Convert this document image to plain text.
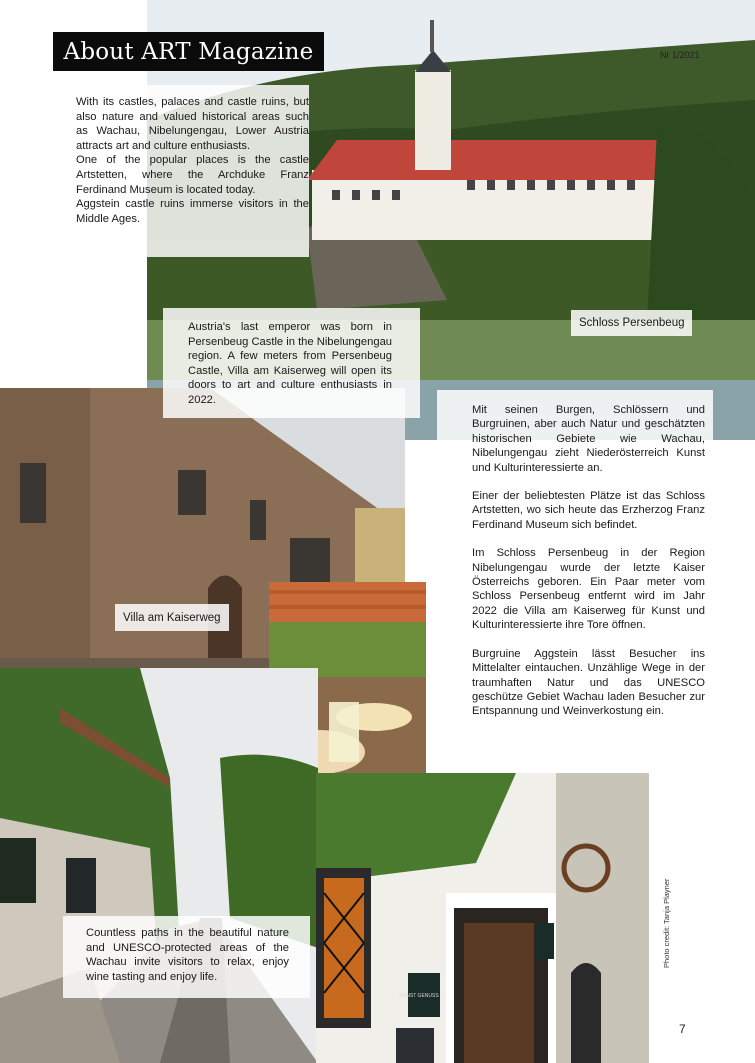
About ART Magazine	Nr 1/2021

With its castles, palaces and castle ruins, but also nature and valued historical areas such as Wachau, Nibelungengau, Lower Austria attracts art and culture enthusiasts.

One of the popular places is the castle Artstetten, where the Archduke Franz Ferdinand Museum is located today.

Aggstein castle ruins immerse visitors in the Middle Ages.

Austria's last emperor was born in Persenbeug Castle in the Nibelungengau region. A few meters from Persenbeug Castle, Villa am Kaiserweg will open its doors to art and culture enthusiasts in 2022.

Schloss Persenbeug
Villa am Kaiserweg

Mit seinen Burgen, Schlössern und Burgruinen, aber auch Natur und geschätzten historischen Gebiete wie Wachau, Nibelungengau zieht Niederösterreich Kunst und Kulturinteressierte an.

Einer der beliebtesten Plätze ist das Schloss Artstetten, wo sich heute das Erzherzog Franz Ferdinand Museum sich befindet.

Im Schloss Persenbeug in der Region Nibelungengau wurde der letzte Kaiser Österreichs geboren. Ein Paar meter vom Schloss Persenbeug entfernt wird im Jahr 2022 die Villa am Kaiserweg für Kunst und Kulturinteressierte ihre Tore öffnen.

Burgruine Aggstein lässt Besucher ins Mittelalter eintauchen. Unzählige Wege in der traumhaften Natur und das UNESCO geschütze Gebiet Wachau laden Besucher zur Entspannung und Weinverkostung ein.

Countless paths in the beautiful nature and UNESCO-protected areas of the Wachau invite visitors to relax, enjoy wine tasting and enjoy life.

KUNST GENUSS
Photo credit: Tanja Playner
7
